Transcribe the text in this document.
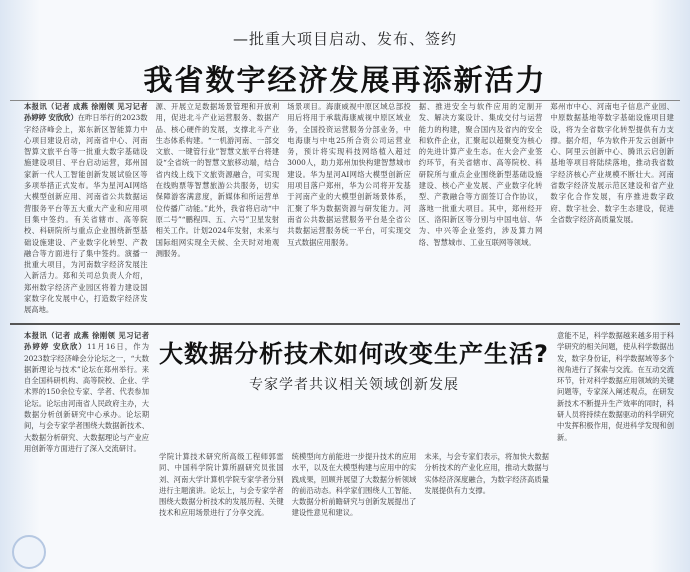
—批重大项目启动、发布、签约
我省数字经济发展再添新活力
本报讯（记者 成燕 徐刚领 见习记者 孙婷婷 安欣欣）在昨日举行的2023数字经济峰会上，郑东新区智能算力中心项目建设启动，河南省中心、河南智算文旅平台等一批重大数字基础设施建设项目、平台启动运营，郑州国家新一代人工智能创新发展试验区等多项举措正式发布。华为星河AI网络大模型创新应用、河南省公共数据运营服务平台等五大重大产业和应用项目集中签约。有关省辖市、高等院校、科研院所与重点企业围绕新型基础设施建设、产业数字化转型、产教融合等方面进行了集中签约。演播一批重大项目，为河南数字经济发展注入新活力。郑和关司总负责人介绍，郑州数字经济产业园区将着力建设国家数字化发展中心，打造数字经济发展高地。
源、开展立足数据场景管理和开放利用，促进北斗产业运营服务、数据产品、核心硬件的发展，支撑北斗产业生态体系构建。“一机游河南、一部交文旅、一键管行业”智慧文旅平台将建设“全省统一的智慧文旅移动端，结合省内线上线下文旅资源融合，可实现在线购票等智慧旅游公共服务，切实保障游客满意度，新媒体和所运营单位传播广动能。”此外，我省将启动“中原二号”“鹏程四、五、六号”卫星发射相关工作。计划2024年发射，未来与国际组网实现全天候、全天时对地观测服务。
场景项目。海康威视中原区域总部投用后将用于承载海康威视中原区域业务，全国投资运营服务分部业务，中电海康与中电25所合资公司运营业务，预计将实现科技网络植入超过3000人，助力郑州加快构建智慧城市建设。华为星河AI网络大模型创新应用项目落户郑州，华为公司将开发基于河南产业的大模型创新场景体系，汇聚了华为数据资源与研发能力。河南省公共数据运营服务平台是全省公共数据运营服务统一平台，可实现交互式数据应用服务。
据、推进安全与软件应用的定制开发、解决方案设计、集成交付与运营能力的构建，聚合国内及省内的安全和软件企业，汇聚起以超聚变为核心的先进计算产业生态。在大会产业签约环节，有关省辖市、高等院校、科研院所与重点企业围绕新型基础设施建设、核心产业发展、产业数字化转型、产教融合等方面签订合作协议，落地一批重大项目。其中，郑州经开区、洛阳新区等分别与中国电信、华为、中兴等企业签约，涉及算力网络、智慧城市、工业互联网等领域。
郑州市中心、河南电子信息产业园、中原数据基地等数字基础设施项目建设，将为全省数字化转型提供有力支撑。据介绍，华为软件开发云创新中心、阿里云创新中心、腾讯云启创新基地等项目将陆续落地，推动我省数字经济核心产业规模不断壮大。河南省数字经济发展示范区建设和省产业数字化合作发展，有序推进数字政府、数字社会、数字生态建设，促进全省数字经济高质量发展。
本报讯（记者 成燕 徐刚领 见习记者 孙婷婷 安欣欣）11月16日，作为2023数字经济峰会分论坛之一，“大数据新理论与技术”论坛在郑州举行。来自全国科研机构、高等院校、企业、学术界的150余位专家、学者、代表参加论坛。论坛由河南省人民政府主办，大数据分析创新研究中心承办。论坛期间，与会专家学者围绕大数据新技术、大数据分析研究、大数据理论与产业应用创新等方面进行了深入交流研讨。
大数据分析技术如何改变生产生活?
专家学者共议相关领域创新发展
学院计算技术研究所高级工程师郭雷同、中国科学院计算所副研究员张国刘、河南大学计算机学院专家学者分别进行主题演讲。论坛上，与会专家学者围绕大数据分析技术的发展历程、关键技术和应用场景进行了分享交流。
统模型向方前能进一步提升技术的应用水平，以及在大模型构建与应用中的实践成果，回顾并展望了大数据分析领域的前沿动态。科学家们围绕人工智能、大数据分析前瞻研究与创新发展提出了建设性意见和建议。
未来，与会专家们表示，将加快大数据分析技术的产业化应用，推动大数据与实体经济深度融合，为数字经济高质量发展提供有力支撑。
意能不足，科学数据越来越多用于科学研究的相关问题，使从科学数据出发，数字身份证，科学数据域等多个视角进行了探索与交流。在互动交流环节，针对科学数据应用领域的关键问题等，专家深入阐述观点，在研发新技术不断提升生产效率的同时，科研人员将持续在数据驱动的科学研究中发挥积极作用，促进科学发现和创新。
